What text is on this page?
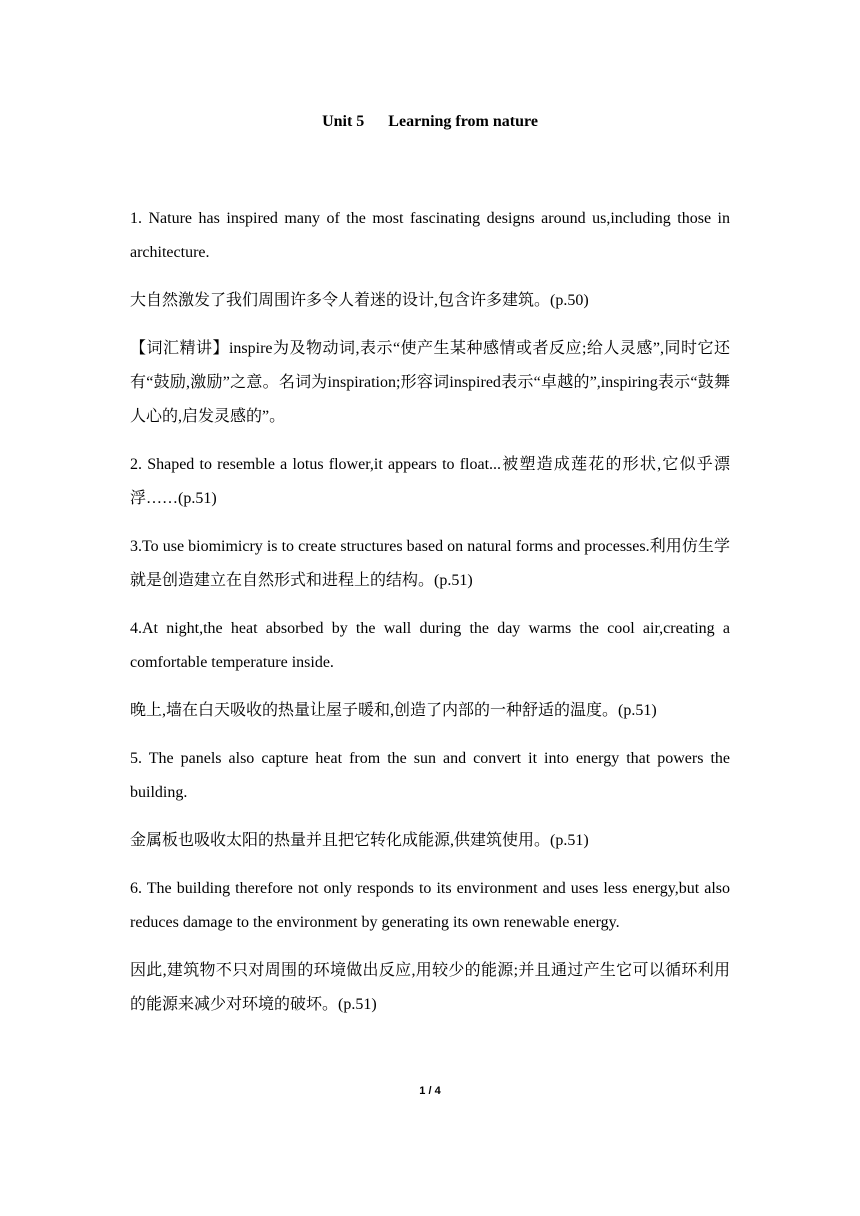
Unit 5      Learning from nature

1. Nature has inspired many of the most fascinating designs around us,including those in architecture.

大自然激发了我们周围许多令人着迷的设计,包含许多建筑。(p.50)

【词汇精讲】inspire为及物动词,表示“使产生某种感情或者反应;给人灵感”,同时它还有“鼓励,激励”之意。名词为inspiration;形容词inspired表示“卓越的”,inspiring表示“鼓舞人心的,启发灵感的”。

2. Shaped to resemble a lotus flower,it appears to float...被塑造成莲花的形状,它似乎漂浮……(p.51)

3.To use biomimicry is to create structures based on natural forms and processes.利用仿生学就是创造建立在自然形式和进程上的结构。(p.51)

4.At night,the heat absorbed by the wall during the day warms the cool air,creating a comfortable temperature inside.

晚上,墙在白天吸收的热量让屋子暖和,创造了内部的一种舒适的温度。(p.51)

5. The panels also capture heat from the sun and convert it into energy that powers the building.

金属板也吸收太阳的热量并且把它转化成能源,供建筑使用。(p.51)

6. The building therefore not only responds to its environment and uses less energy,but also reduces damage to the environment by generating its own renewable energy.

因此,建筑物不只对周围的环境做出反应,用较少的能源;并且通过产生它可以循环利用的能源来减少对环境的破坏。(p.51)

1 / 4
